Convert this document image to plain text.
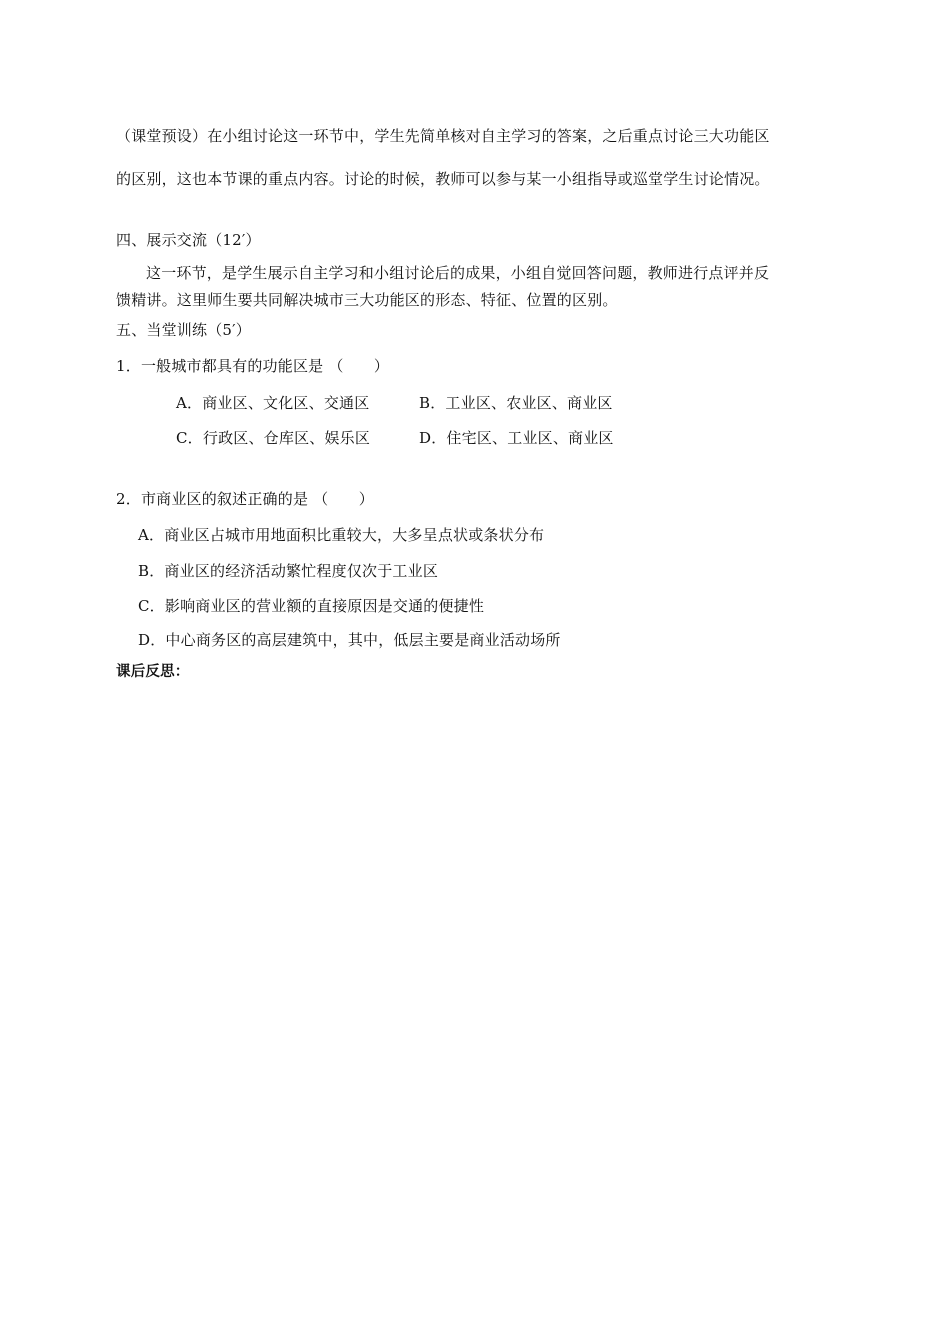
（课堂预设）在小组讨论这一环节中，学生先简单核对自主学习的答案，之后重点讨论三大功能区
的区别，这也本节课的重点内容。讨论的时候，教师可以参与某一小组指导或巡堂学生讨论情况。
四、展示交流（12′）
这一环节，是学生展示自主学习和小组讨论后的成果，小组自觉回答问题，教师进行点评并反
馈精讲。这里师生要共同解决城市三大功能区的形态、特征、位置的区别。
五、当堂训练（5′）
1．一般城市都具有的功能区是 （　　）
A．商业区、文化区、交通区	B．工业区、农业区、商业区
C．行政区、仓库区、娱乐区	D．住宅区、工业区、商业区
2．市商业区的叙述正确的是 （　　）
A．商业区占城市用地面积比重较大，大多呈点状或条状分布
B．商业区的经济活动繁忙程度仅次于工业区
C．影响商业区的营业额的直接原因是交通的便捷性
D．中心商务区的高层建筑中，其中，低层主要是商业活动场所
课后反思：
